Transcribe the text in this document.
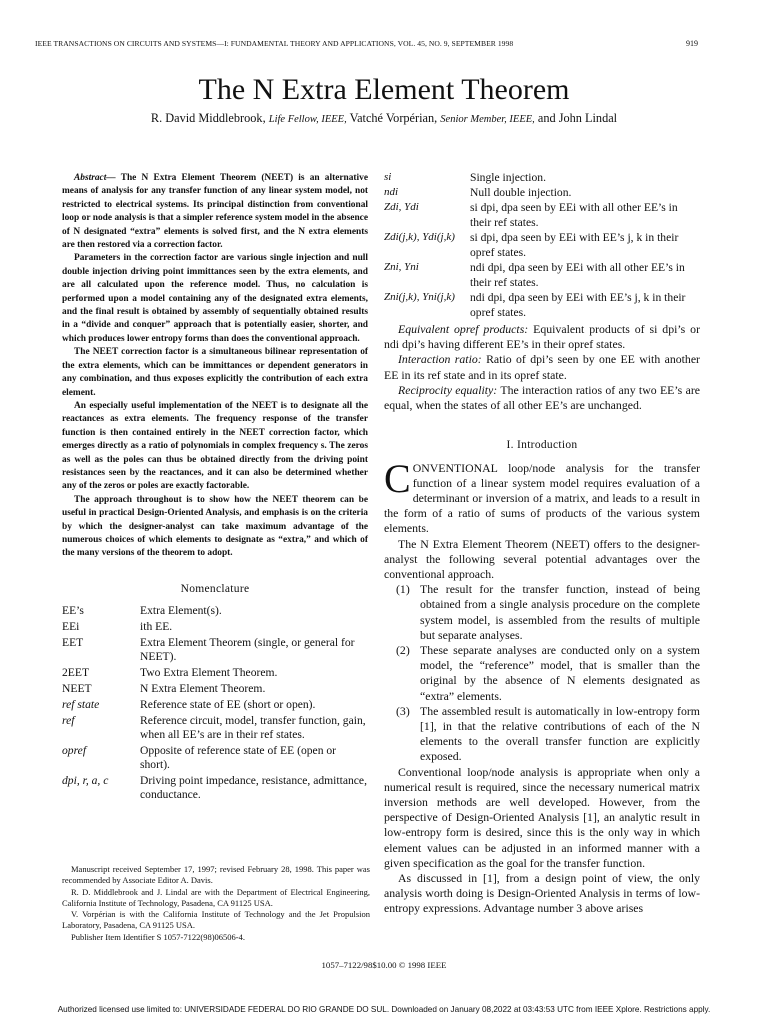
IEEE TRANSACTIONS ON CIRCUITS AND SYSTEMS—I: FUNDAMENTAL THEORY AND APPLICATIONS, VOL. 45, NO. 9, SEPTEMBER 1998	919
The N Extra Element Theorem
R. David Middlebrook, Life Fellow, IEEE, Vatché Vorpérian, Senior Member, IEEE, and John Lindal

Abstract— The N Extra Element Theorem (NEET) is an alternative means of analysis for any transfer function of any linear system model, not restricted to electrical systems. Its principal distinction from conventional loop or node analysis is that a simpler reference system model in the absence of N designated “extra” elements is solved first, and the N extra elements are then restored via a correction factor.

Parameters in the correction factor are various single injection and null double injection driving point immittances seen by the extra elements, and are all calculated upon the reference model. Thus, no calculation is performed upon a model containing any of the designated extra elements, and the final result is obtained by assembly of sequentially obtained results in a “divide and conquer” approach that is potentially easier, shorter, and which produces lower entropy forms than does the conventional approach.

The NEET correction factor is a simultaneous bilinear representation of the extra elements, which can be immittances or dependent generators in any combination, and thus exposes explicitly the contribution of each extra element.

An especially useful implementation of the NEET is to designate all the reactances as extra elements. The frequency response of the transfer function is then contained entirely in the NEET correction factor, which emerges directly as a ratio of polynomials in complex frequency s. The zeros as well as the poles can thus be obtained directly from the driving point resistances seen by the reactances, and it can also be determined whether any of the zeros or poles are exactly factorable.

The approach throughout is to show how the NEET theorem can be useful in practical Design-Oriented Analysis, and emphasis is on the criteria by which the designer-analyst can take maximum advantage of the numerous choices of which elements to designate as “extra,” and which of the many versions of the theorem to adopt.

Nomenclature
EE’s	Extra Element(s).
EEi	ith EE.
EET	Extra Element Theorem (single, or general for NEET).
2EET	Two Extra Element Theorem.
NEET	N Extra Element Theorem.
ref state	Reference state of EE (short or open).
ref	Reference circuit, model, transfer function, gain, when all EE’s are in their ref states.
opref	Opposite of reference state of EE (open or short).
dpi, r, a, c	Driving point impedance, resistance, admittance, conductance.

Manuscript received September 17, 1997; revised February 28, 1998. This paper was recommended by Associate Editor A. Davis.

R. D. Middlebrook and J. Lindal are with the Department of Electrical Engineering, California Institute of Technology, Pasadena, CA 91125 USA.

V. Vorpérian is with the California Institute of Technology and the Jet Propulsion Laboratory, Pasadena, CA 91125 USA.

Publisher Item Identifier S 1057-7122(98)06506-4.

si	Single injection.
ndi	Null double injection.
Zdi, Ydi	si dpi, dpa seen by EEi with all other EE’s in their ref states.
Zdi(j,k), Ydi(j,k)	si dpi, dpa seen by EEi with EE’s j, k in their opref states.
Zni, Yni	ndi dpi, dpa seen by EEi with all other EE’s in their ref states.
Zni(j,k), Yni(j,k)	ndi dpi, dpa seen by EEi with EE’s j, k in their opref states.

Equivalent opref products: Equivalent products of si dpi’s or ndi dpi’s having different EE’s in their opref states.

Interaction ratio: Ratio of dpi’s seen by one EE with another EE in its ref state and in its opref state.

Reciprocity equality: The interaction ratios of any two EE’s are equal, when the states of all other EE’s are unchanged.

I. Introduction

CONVENTIONAL loop/node analysis for the transfer function of a linear system model requires evaluation of a determinant or inversion of a matrix, and leads to a result in the form of a ratio of sums of products of the various system elements.

The N Extra Element Theorem (NEET) offers to the designer-analyst the following several potential advantages over the conventional approach.

(1) The result for the transfer function, instead of being obtained from a single analysis procedure on the complete system model, is assembled from the results of multiple but separate analyses.
(2) These separate analyses are conducted only on a system model, the “reference” model, that is smaller than the original by the absence of N elements designated as “extra” elements.
(3) The assembled result is automatically in low-entropy form [1], in that the relative contributions of each of the N elements to the overall transfer function are explicitly exposed.

Conventional loop/node analysis is appropriate when only a numerical result is required, since the necessary numerical matrix inversion methods are well developed. However, from the perspective of Design-Oriented Analysis [1], an analytic result in low-entropy form is desired, since this is the only way in which element values can be adjusted in an informed manner with a given specification as the goal for the transfer function.

As discussed in [1], from a design point of view, the only analysis worth doing is Design-Oriented Analysis in terms of low-entropy expressions. Advantage number 3 above arises

1057–7122/98$10.00 © 1998 IEEE
Authorized licensed use limited to: UNIVERSIDADE FEDERAL DO RIO GRANDE DO SUL. Downloaded on January 08,2022 at 03:43:53 UTC from IEEE Xplore. Restrictions apply.
